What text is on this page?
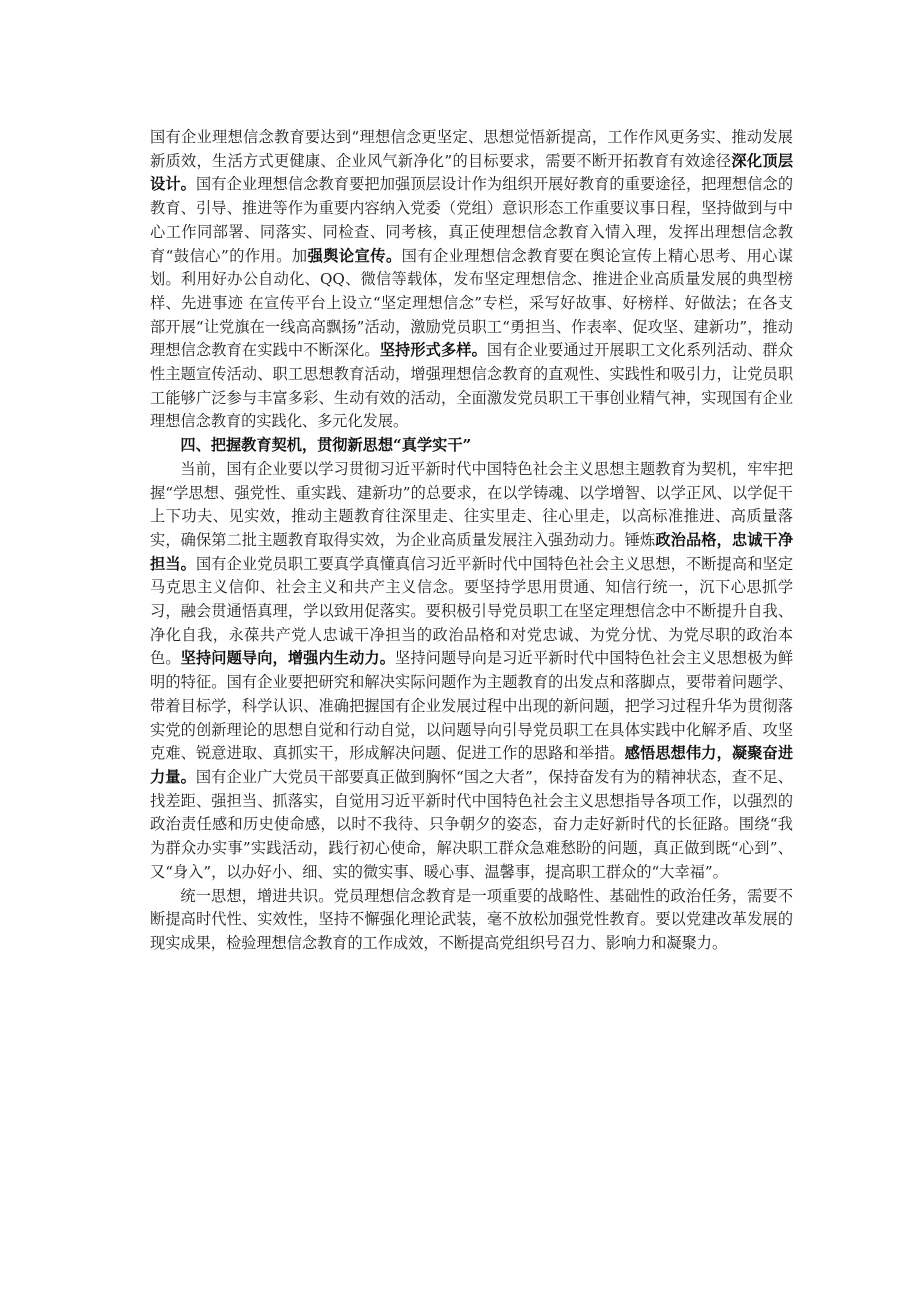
国有企业理想信念教育要达到“理想信念更坚定、思想觉悟新提高，工作作风更务实、推动发展新质效，生活方式更健康、企业风气新净化”的目标要求，需要不断开拓教育有效途径深化顶层设计。国有企业理想信念教育要把加强顶层设计作为组织开展好教育的重要途径，把理想信念的教育、引导、推进等作为重要内容纳入党委（党组）意识形态工作重要议事日程，坚持做到与中心工作同部署、同落实、同检查、同考核，真正使理想信念教育入情入理，发挥出理想信念教育“鼓信心”的作用。加强舆论宣传。国有企业理想信念教育要在舆论宣传上精心思考、用心谋划。利用好办公自动化、QQ、微信等载体，发布坚定理想信念、推进企业高质量发展的典型榜样、先进事迹 在宣传平台上设立“坚定理想信念”专栏，采写好故事、好榜样、好做法；在各支部开展“让党旗在一线高高飘扬”活动，激励党员职工“勇担当、作表率、促攻坚、建新功”，推动理想信念教育在实践中不断深化。坚持形式多样。国有企业要通过开展职工文化系列活动、群众性主题宣传活动、职工思想教育活动，增强理想信念教育的直观性、实践性和吸引力，让党员职工能够广泛参与丰富多彩、生动有效的活动，全面激发党员职工干事创业精气神，实现国有企业理想信念教育的实践化、多元化发展。

四、把握教育契机，贯彻新思想“真学实干”

当前，国有企业要以学习贯彻习近平新时代中国特色社会主义思想主题教育为契机，牢牢把握“学思想、强党性、重实践、建新功”的总要求，在以学铸魂、以学增智、以学正风、以学促干上下功夫、见实效，推动主题教育往深里走、往实里走、往心里走，以高标准推进、高质量落实，确保第二批主题教育取得实效，为企业高质量发展注入强劲动力。锤炼政治品格，忠诚干净担当。国有企业党员职工要真学真懂真信习近平新时代中国特色社会主义思想，不断提高和坚定马克思主义信仰、社会主义和共产主义信念。要坚持学思用贯通、知信行统一，沉下心思抓学习，融会贯通悟真理，学以致用促落实。要积极引导党员职工在坚定理想信念中不断提升自我、净化自我，永葆共产党人忠诚干净担当的政治品格和对党忠诚、为党分忧、为党尽职的政治本色。坚持问题导向，增强内生动力。坚持问题导向是习近平新时代中国特色社会主义思想极为鲜明的特征。国有企业要把研究和解决实际问题作为主题教育的出发点和落脚点，要带着问题学、带着目标学，科学认识、准确把握国有企业发展过程中出现的新问题，把学习过程升华为贯彻落实党的创新理论的思想自觉和行动自觉，以问题导向引导党员职工在具体实践中化解矛盾、攻坚克难、锐意进取、真抓实干，形成解决问题、促进工作的思路和举措。感悟思想伟力，凝聚奋进力量。国有企业广大党员干部要真正做到胸怀“国之大者”，保持奋发有为的精神状态，查不足、找差距、强担当、抓落实，自觉用习近平新时代中国特色社会主义思想指导各项工作，以强烈的政治责任感和历史使命感，以时不我待、只争朝夕的姿态，奋力走好新时代的长征路。围绕“我为群众办实事”实践活动，践行初心使命，解决职工群众急难愁盼的问题，真正做到既“心到”、又“身入”，以办好小、细、实的微实事、暖心事、温馨事，提高职工群众的“大幸福”。

统一思想，增进共识。党员理想信念教育是一项重要的战略性、基础性的政治任务，需要不断提高时代性、实效性，坚持不懈强化理论武装，毫不放松加强党性教育。要以党建改革发展的现实成果，检验理想信念教育的工作成效，不断提高党组织号召力、影响力和凝聚力。
